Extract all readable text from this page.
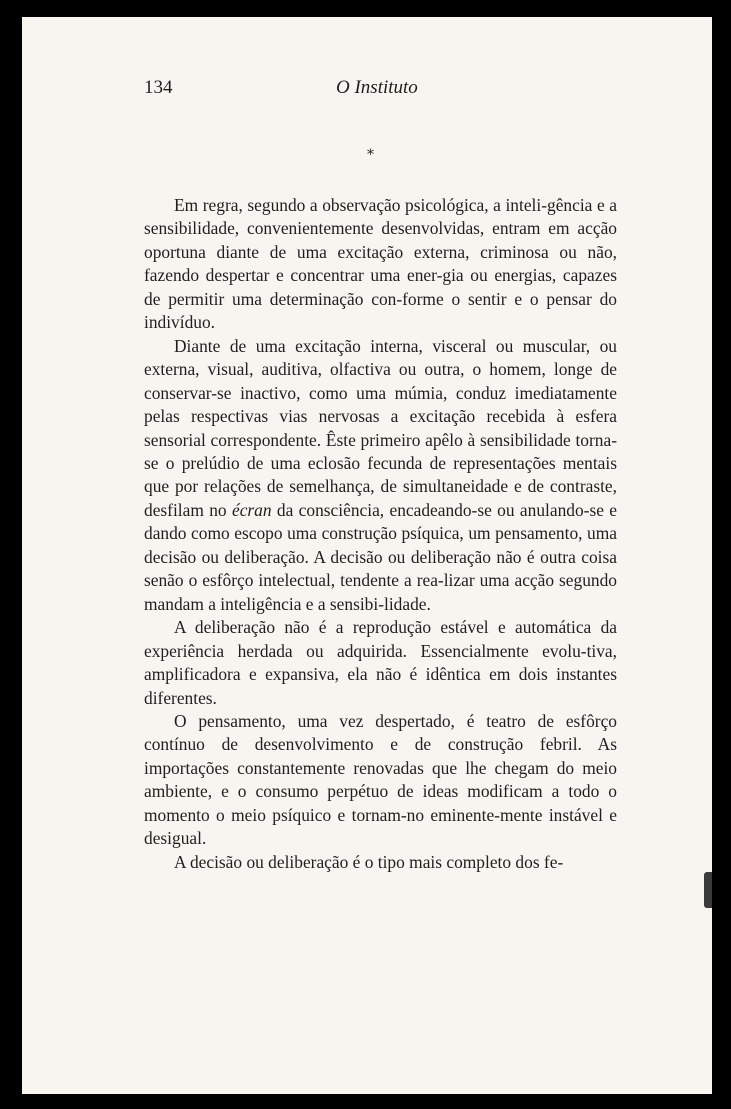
134	O Instituto
*

Em regra, segundo a observação psicológica, a inteli-gência e a sensibilidade, convenientemente desenvolvidas, entram em acção oportuna diante de uma excitação externa, criminosa ou não, fazendo despertar e concentrar uma ener-gia ou energias, capazes de permitir uma determinação con-forme o sentir e o pensar do indivíduo.

Diante de uma excitação interna, visceral ou muscular, ou externa, visual, auditiva, olfactiva ou outra, o homem, longe de conservar-se inactivo, como uma múmia, conduz imediatamente pelas respectivas vias nervosas a excitação recebida à esfera sensorial correspondente. Êste primeiro apêlo à sensibilidade torna-se o prelúdio de uma eclosão fecunda de representações mentais que por relações de semelhança, de simultaneidade e de contraste, desfilam no écran da consciência, encadeando-se ou anulando-se e dando como escopo uma construção psíquica, um pensamento, uma decisão ou deliberação. A decisão ou deliberação não é outra coisa senão o esfôrço intelectual, tendente a rea-lizar uma acção segundo mandam a inteligência e a sensibi-lidade.

A deliberação não é a reprodução estável e automática da experiência herdada ou adquirida. Essencialmente evolu-tiva, amplificadora e expansiva, ela não é idêntica em dois instantes diferentes.

O pensamento, uma vez despertado, é teatro de esfôrço contínuo de desenvolvimento e de construção febril. As importações constantemente renovadas que lhe chegam do meio ambiente, e o consumo perpétuo de ideas modificam a todo o momento o meio psíquico e tornam-no eminente-mente instável e desigual.

A decisão ou deliberação é o tipo mais completo dos fe-
